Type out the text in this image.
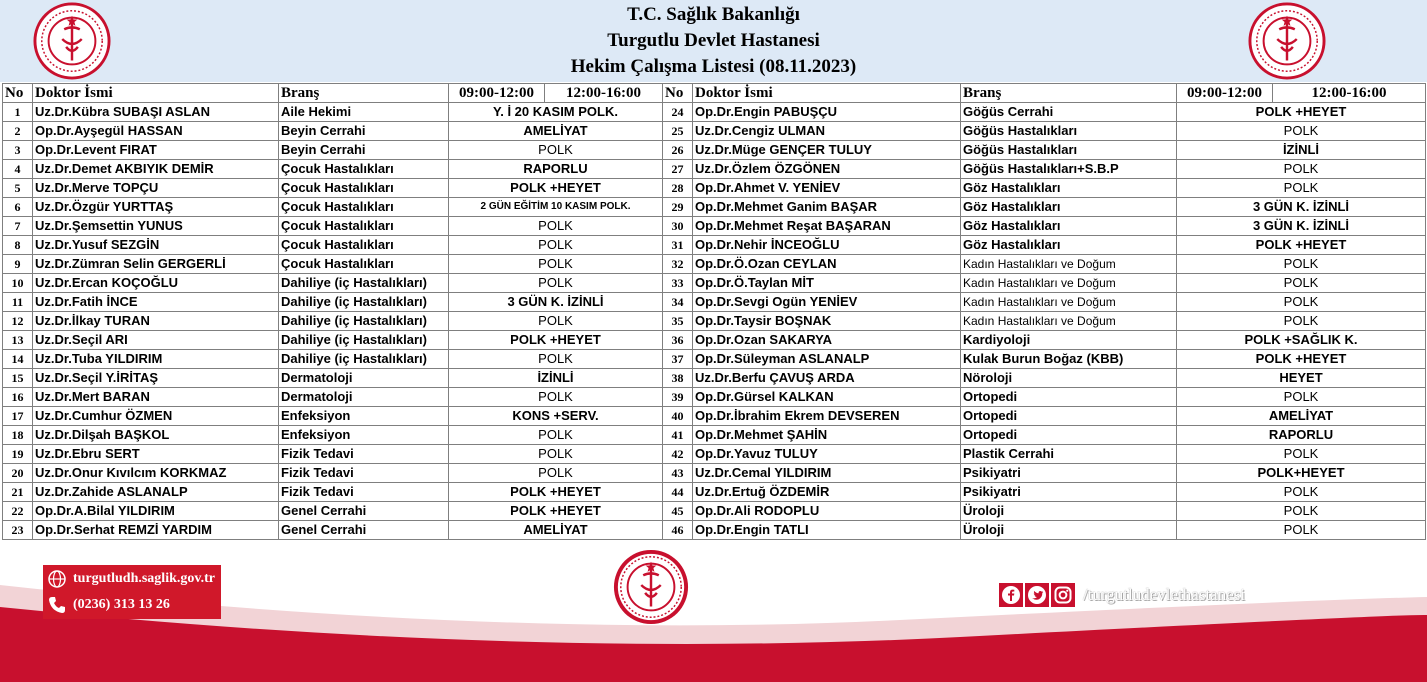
T.C. Sağlık Bakanlığı
Turgutlu Devlet Hastanesi
Hekim Çalışma Listesi (08.11.2023)
No	Doktor İsmi	Branş	09:00-12:00	12:00-16:00	No	Doktor İsmi	Branş	09:00-12:00	12:00-16:00
1	Uz.Dr.Kübra SUBAŞI ASLAN	Aile Hekimi	Y. İ 20 KASIM POLK.		24	Op.Dr.Engin PABUŞÇU	Göğüs Cerrahi	POLK +HEYET	
2	Op.Dr.Ayşegül HASSAN	Beyin Cerrahi	AMELİYAT		25	Uz.Dr.Cengiz ULMAN	Göğüs Hastalıkları	POLK	
3	Op.Dr.Levent FIRAT	Beyin Cerrahi	POLK		26	Uz.Dr.Müge GENÇER TULUY	Göğüs Hastalıkları	İZİNLİ	
4	Uz.Dr.Demet AKBIYIK DEMİR	Çocuk Hastalıkları	RAPORLU		27	Uz.Dr.Özlem ÖZGÖNEN	Göğüs Hastalıkları+S.B.P	POLK	
5	Uz.Dr.Merve TOPÇU	Çocuk Hastalıkları	POLK +HEYET		28	Op.Dr.Ahmet V. YENİEV	Göz Hastalıkları	POLK	
6	Uz.Dr.Özgür YURTTAŞ	Çocuk Hastalıkları	2 GÜN EĞİTİM 10 KASIM POLK.		29	Op.Dr.Mehmet Ganim BAŞAR	Göz Hastalıkları	3 GÜN K. İZİNLİ	
7	Uz.Dr.Şemsettin YUNUS	Çocuk Hastalıkları	POLK		30	Op.Dr.Mehmet Reşat BAŞARAN	Göz Hastalıkları	3 GÜN K. İZİNLİ	
8	Uz.Dr.Yusuf SEZGİN	Çocuk Hastalıkları	POLK		31	Op.Dr.Nehir İNCEOĞLU	Göz Hastalıkları	POLK +HEYET	
9	Uz.Dr.Zümran Selin GERGERLİ	Çocuk Hastalıkları	POLK		32	Op.Dr.Ö.Ozan CEYLAN	Kadın Hastalıkları ve Doğum	POLK	
10	Uz.Dr.Ercan KOÇOĞLU	Dahiliye (iç Hastalıkları)	POLK		33	Op.Dr.Ö.Taylan MİT	Kadın Hastalıkları ve Doğum	POLK	
11	Uz.Dr.Fatih İNCE	Dahiliye (iç Hastalıkları)	3 GÜN K. İZİNLİ		34	Op.Dr.Sevgi Ogün YENİEV	Kadın Hastalıkları ve Doğum	POLK	
12	Uz.Dr.İlkay TURAN	Dahiliye (iç Hastalıkları)	POLK		35	Op.Dr.Taysir BOŞNAK	Kadın Hastalıkları ve Doğum	POLK	
13	Uz.Dr.Seçil ARI	Dahiliye (iç Hastalıkları)	POLK +HEYET		36	Op.Dr.Ozan SAKARYA	Kardiyoloji	POLK +SAĞLIK K.	
14	Uz.Dr.Tuba YILDIRIM	Dahiliye (iç Hastalıkları)	POLK		37	Op.Dr.Süleyman ASLANALP	Kulak Burun Boğaz (KBB)	POLK +HEYET	
15	Uz.Dr.Seçil Y.İRİTAŞ	Dermatoloji	İZİNLİ		38	Uz.Dr.Berfu ÇAVUŞ ARDA	Nöroloji	HEYET	
16	Uz.Dr.Mert BARAN	Dermatoloji	POLK		39	Op.Dr.Gürsel KALKAN	Ortopedi	POLK	
17	Uz.Dr.Cumhur ÖZMEN	Enfeksiyon	KONS +SERV.		40	Op.Dr.İbrahim Ekrem DEVSEREN	Ortopedi	AMELİYAT	
18	Uz.Dr.Dilşah BAŞKOL	Enfeksiyon	POLK		41	Op.Dr.Mehmet ŞAHİN	Ortopedi	RAPORLU	
19	Uz.Dr.Ebru SERT	Fizik Tedavi	POLK		42	Op.Dr.Yavuz TULUY	Plastik Cerrahi	POLK	
20	Uz.Dr.Onur Kıvılcım KORKMAZ	Fizik Tedavi	POLK		43	Uz.Dr.Cemal YILDIRIM	Psikiyatri	POLK+HEYET	
21	Uz.Dr.Zahide ASLANALP	Fizik Tedavi	POLK +HEYET		44	Uz.Dr.Ertuğ ÖZDEMİR	Psikiyatri	POLK	
22	Op.Dr.A.Bilal YILDIRIM	Genel Cerrahi	POLK +HEYET		45	Op.Dr.Ali RODOPLU	Üroloji	POLK	
23	Op.Dr.Serhat REMZİ YARDIM	Genel Cerrahi	AMELİYAT		46	Op.Dr.Engin TATLI	Üroloji	POLK	
turgutludh.saglik.gov.tr
(0236) 313 13 26
/turgutludevlethastanesi
